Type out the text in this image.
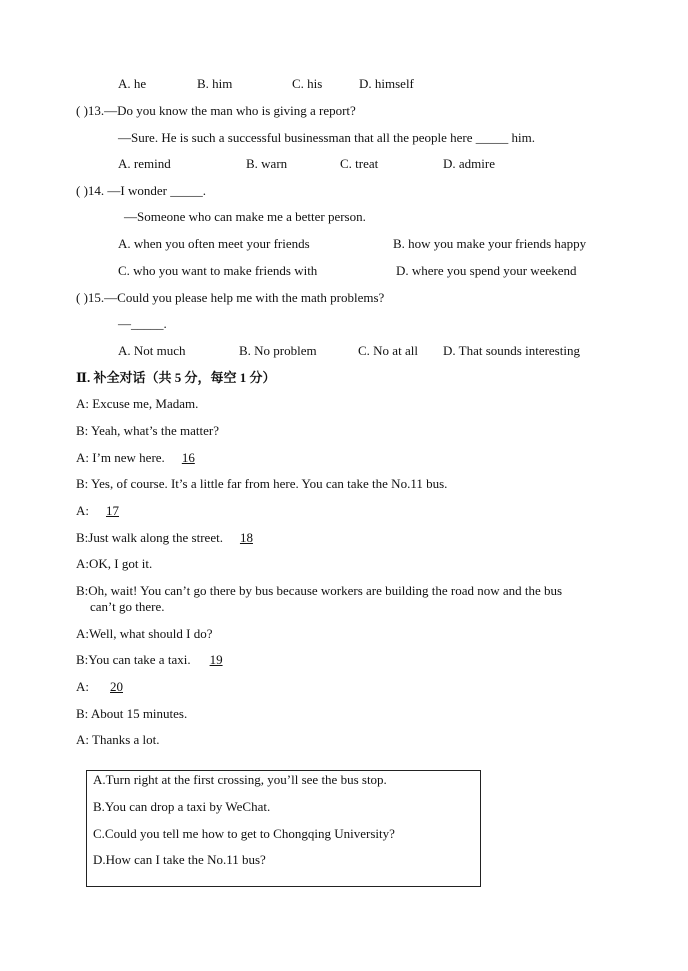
A. he	B. him	C. his	D. himself
( )13.—Do you know the man who is giving a report?
—Sure. He is such a successful businessman that all the people here _____ him.
A. remind	B. warn	C. treat	D. admire
( )14. —I wonder _____.
—Someone who can make me a better person.
A. when you often meet your friends	B. how you make your friends happy
C. who you want to make friends with	D. where you spend your weekend
( )15.—Could you please help me with the math problems?
—_____.
A. Not much	B. No problem	C. No at all D. That sounds interesting
Ⅱ. 补全对话（共 5 分，每空 1 分）
A: Excuse me, Madam.
B: Yeah, what’s the matter?
A: I’m new here. 16
B: Yes, of course. It’s a little far from here. You can take the No.11 bus.
A: 17
B:Just walk along the street. 18
A:OK, I got it.
B:Oh, wait! You can’t go there by bus because workers are building the road now and the bus
can’t go there.
A:Well, what should I do?
B:You can take a taxi. 19
A: 20
B: About 15 minutes.
A: Thanks a lot.
A.Turn right at the first crossing, you’ll see the bus stop.
B.You can drop a taxi by WeChat.
C.Could you tell me how to get to Chongqing University?
D.How can I take the No.11 bus?
